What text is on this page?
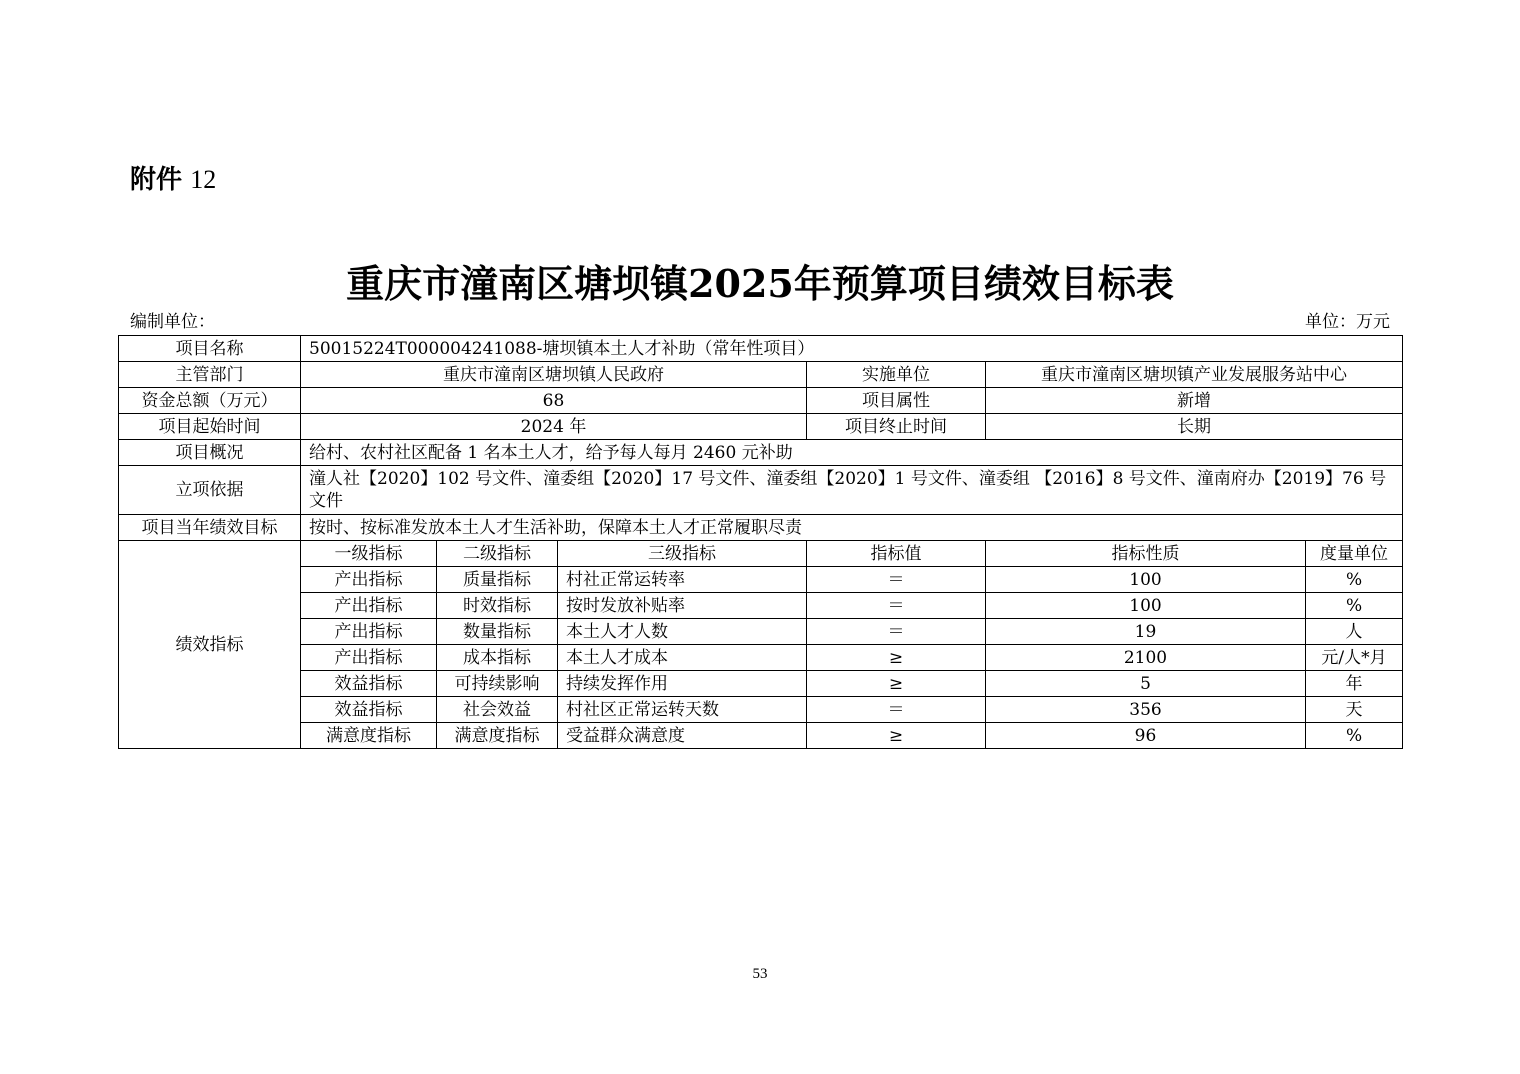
附件 12
重庆市潼南区塘坝镇2025年预算项目绩效目标表
编制单位：	单位：万元
项目名称	50015224T000004241088-塘坝镇本土人才补助（常年性项目）					
主管部门	重庆市潼南区塘坝镇人民政府			实施单位	重庆市潼南区塘坝镇产业发展服务站中心	
资金总额（万元）	68			项目属性	新增	
项目起始时间	2024 年			项目终止时间	长期	
项目概况	给村、农村社区配备 1 名本土人才，给予每人每月 2460 元补助					
立项依据	潼人社【2020】102 号文件、潼委组【2020】17 号文件、潼委组【2020】1 号文件、潼委组 【2016】8 号文件、潼南府办【2019】76 号文件					
项目当年绩效目标	按时、按标准发放本土人才生活补助，保障本土人才正常履职尽责					
绩效指标	一级指标	二级指标	三级指标	指标值	指标性质	度量单位
	产出指标	质量指标	村社正常运转率	＝	100	%
	产出指标	时效指标	按时发放补贴率	＝	100	%
	产出指标	数量指标	本土人才人数	＝	19	人
	产出指标	成本指标	本土人才成本	≥	2100	元/人*月
	效益指标	可持续影响	持续发挥作用	≥	5	年
	效益指标	社会效益	村社区正常运转天数	＝	356	天
	满意度指标	满意度指标	受益群众满意度	≥	96	%
53
